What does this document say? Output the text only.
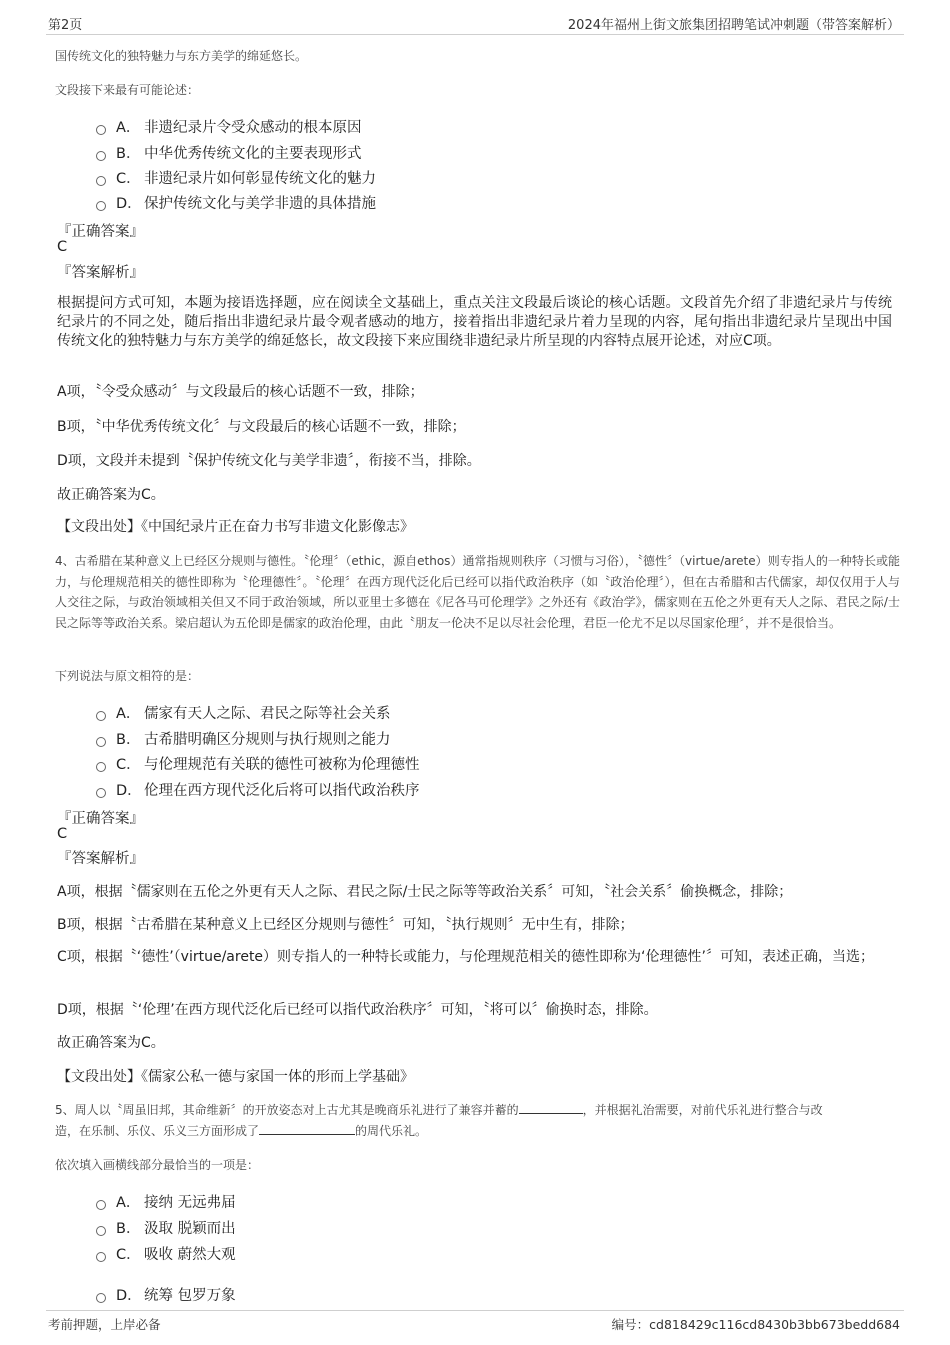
第2页	2024年福州上街文旅集团招聘笔试冲刺题（带答案解析）
国传统文化的独特魅力与东方美学的绵延悠长。
文段接下来最有可能论述：
A． 非遗纪录片令受众感动的根本原因
B． 中华优秀传统文化的主要表现形式
C． 非遗纪录片如何彰显传统文化的魅力
D． 保护传统文化与美学非遗的具体措施
『正确答案』
C
『答案解析』
根据提问方式可知，本题为接语选择题，应在阅读全文基础上，重点关注文段最后谈论的核心话题。文段首先介绍了非遗纪录片与传统纪录片的不同之处，随后指出非遗纪录片最令观者感动的地方，接着指出非遗纪录片着力呈现的内容，尾句指出非遗纪录片呈现出中国传统文化的独特魅力与东方美学的绵延悠长，故文段接下来应围绕非遗纪录片所呈现的内容特点展开论述，对应C项。
A项，〝令受众感动〞与文段最后的核心话题不一致，排除；
B项，〝中华优秀传统文化〞与文段最后的核心话题不一致，排除；
D项，文段并未提到〝保护传统文化与美学非遗〞，衔接不当，排除。
故正确答案为C。
【文段出处】《中国纪录片正在奋力书写非遗文化影像志》
4、古希腊在某种意义上已经区分规则与德性。〝伦理〞（ethic，源自ethos）通常指规则秩序（习惯与习俗），〝德性〞（virtue/arete）则专指人的一种特长或能力，与伦理规范相关的德性即称为〝伦理德性〞。〝伦理〞在西方现代泛化后已经可以指代政治秩序（如〝政治伦理〞），但在古希腊和古代儒家，却仅仅用于人与人交往之际，与政治领域相关但又不同于政治领域，所以亚里士多德在《尼各马可伦理学》之外还有《政治学》，儒家则在五伦之外更有天人之际、君民之际/士民之际等等政治关系。梁启超认为五伦即是儒家的政治伦理，由此〝朋友一伦决不足以尽社会伦理，君臣一伦尤不足以尽国家伦理〞，并不是很恰当。
下列说法与原文相符的是：
A． 儒家有天人之际、君民之际等社会关系
B． 古希腊明确区分规则与执行规则之能力
C． 与伦理规范有关联的德性可被称为伦理德性
D． 伦理在西方现代泛化后将可以指代政治秩序
『正确答案』
C
『答案解析』
A项，根据〝儒家则在五伦之外更有天人之际、君民之际/士民之际等等政治关系〞可知，〝社会关系〞偷换概念，排除；
B项，根据〝古希腊在某种意义上已经区分规则与德性〞可知，〝执行规则〞无中生有，排除；
C项，根据〝‘德性’（virtue/arete）则专指人的一种特长或能力，与伦理规范相关的德性即称为‘伦理德性’〞可知，表述正确，当选；
D项，根据〝‘伦理’在西方现代泛化后已经可以指代政治秩序〞可知，〝将可以〞偷换时态，排除。
故正确答案为C。
【文段出处】《儒家公私一德与家国一体的形而上学基础》
5、周人以〝周虽旧邦，其命维新〞的开放姿态对上古尤其是晚商乐礼进行了兼容并蓄的	，并根据礼治需要，对前代乐礼进行整合与改
造，在乐制、乐仪、乐义三方面形成了	的周代乐礼。
依次填入画横线部分最恰当的一项是：
A． 接纳 无远弗届
B． 汲取 脱颖而出
C． 吸收 蔚然大观
D． 统筹 包罗万象
考前押题，上岸必备	编号：cd818429c116cd8430b3bb673bedd684
